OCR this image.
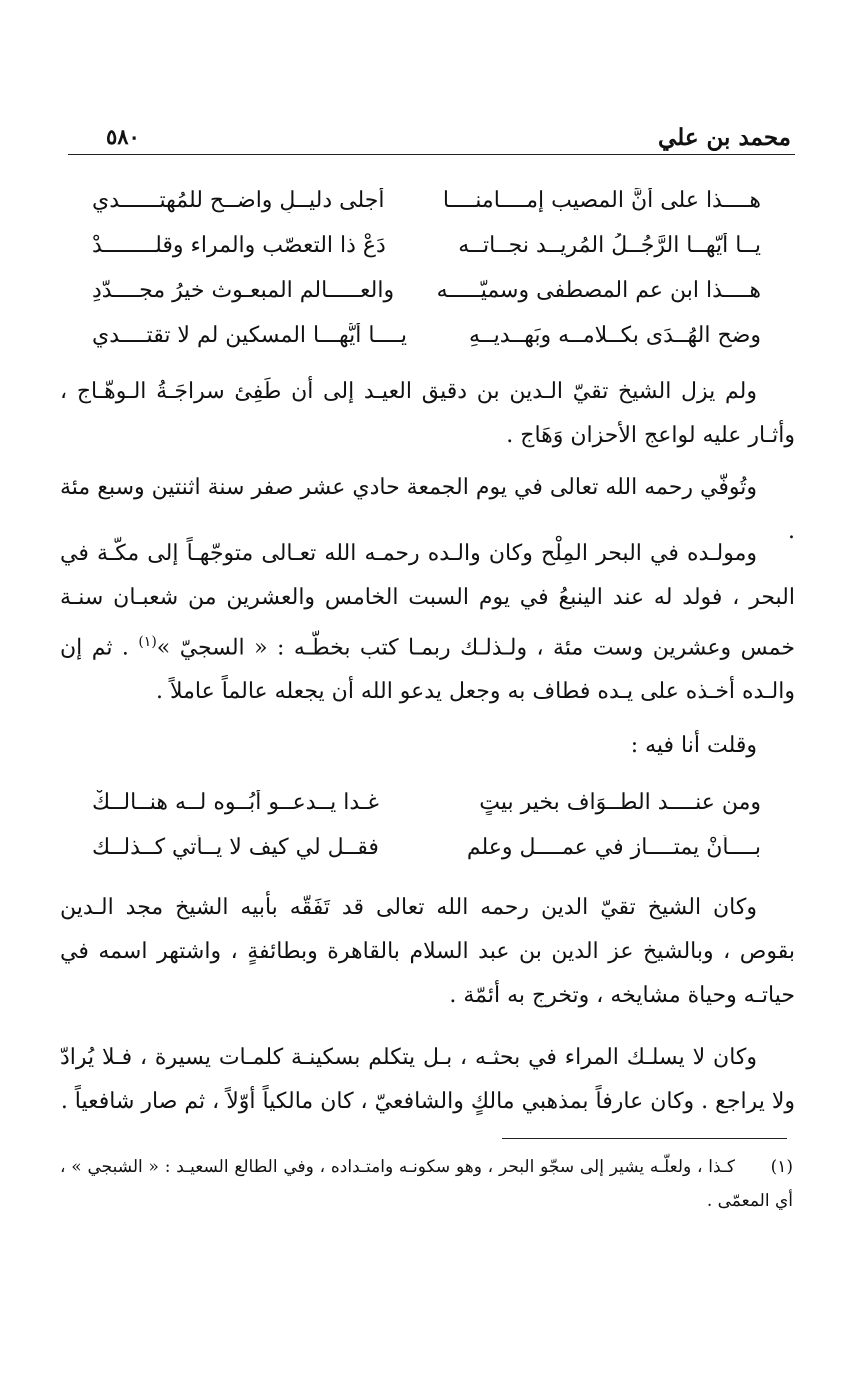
محمد بن علي
٥٨٠
هــــذا على أنَّ المصيب إمــــامنــــا
أجلى دليــلٍ واضــح للمُهتــــــدي
يــا أيّهــا الرَّجُــلُ المُريــد نجــاتــه
دَعْ ذا التعصّب والمراء وقلــــــــدْ
هــــذا ابن عم المصطفى وسميّـــــه
والعـــــالم المبعـوث خيرُ مجــــدّدِ
وضح الهُــدَى بكــلامــه وبَهــديــهِ
يــــا أيُّهـــا المسكين لم لا تقتــــدي

ولم يزل الشيخ تقيّ الـدين بن دقيق العيـد إلى أن طَفِئ سراجَـةُ الـوهّـاج ، وأثـار عليه لواعج الأحزان وَهَاج .

وتُوفّي رحمه الله تعالى في يوم الجمعة حادي عشر صفر سنة اثنتين وسبع مئة .

ومولـده في البحر المِلْح وكان والـده رحمـه الله تعـالى متوجّهـاً إلى مكّـة في البحر ، فولد له عند الينبعُ في يوم السبت الخامس والعشرين من شعبـان سنـة خمس وعشرين وست مئة ، ولـذلـك ربمـا كتب بخطّـه : « السجيّ »$^{(١)}$ . ثم إن والـده أخـذه على يـده فطاف به وجعل يدعو الله أن يجعله عالماً عاملاً .

وقلت أنا فيه :

ومن عنــــد الطــوَاف بخير بيتٍ
غـدا يــدعــو أَبُــوه لــه هنــالــكْ
بــــأنْ يمتــــاز في عمــــل وعلم
فقــل لي كيف لا يــأتي كــذلــك

وكان الشيخ تقيّ الدين رحمه الله تعالى قد تَفَقّه بأبيه الشيخ مجد الـدين بقوص ، وبالشيخ عز الدين بن عبد السلام بالقاهرة وبطائفةٍ ، واشتهر اسمه في حياتـه وحياة مشايخه ، وتخرج به أئمّة .

وكان لا يسلـك المراء في بحثـه ، بـل يتكلم بسكينـة كلمـات يسيرة ، فـلا يُرادّ ولا يراجع . وكان عارفاً بمذهبي مالكٍ والشافعيّ ، كان مالكياً أوّلاً ، ثم صار شافعياً .

(١)كـذا ، ولعلّـه يشير إلى سجّو البحر ، وهو سكونـه وامتـداده ، وفي الطالع السعيـد : « الشبجي » ، أي المعمّى .
